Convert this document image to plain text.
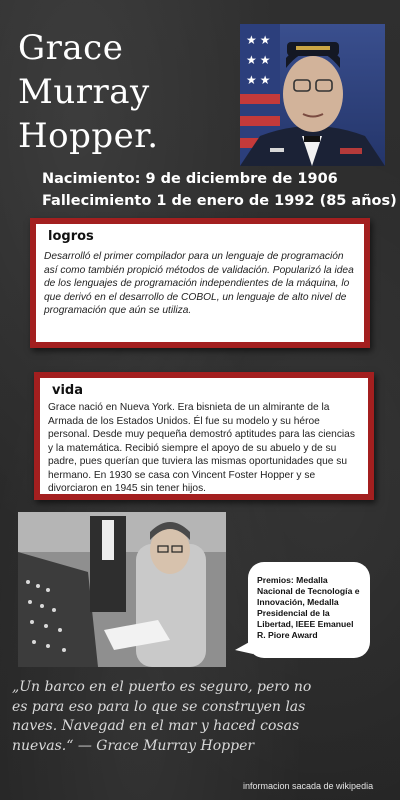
Grace Murray Hopper.
★ ★
★ ★
★ ★
Nacimiento: 9 de diciembre de 1906
Fallecimiento 1 de enero de 1992 (85 años)
logros
Desarrolló el primer compilador para un lenguaje de programación así como también propició métodos de validación. Popularizó la idea de los lenguajes de programación independientes de la máquina, lo que derivó en el desarrollo de COBOL, un lenguaje de alto nivel de programación que aún se utiliza.
vida
Grace nació en Nueva York. Era bisnieta de un almirante de la Armada de los Estados Unidos. Él fue su modelo y su héroe personal. Desde muy pequeña demostró aptitudes para las ciencias y la matemática. Recibió siempre el apoyo de su abuelo y de su padre, pues querían que tuviera las mismas oportunidades que su hermano. En 1930 se casa con Vincent Foster Hopper y se divorciaron en 1945 sin tener hijos.
Premios: Medalla Nacional de Tecnología e Innovación, Medalla Presidencial de la Libertad, IEEE Emanuel R. Piore Award

„Un barco en el puerto es seguro, pero no es para eso para lo que se construyen las naves. Navegad en el mar y haced cosas nuevas.“ — Grace Murray Hopper

informacion sacada de wikipedia
